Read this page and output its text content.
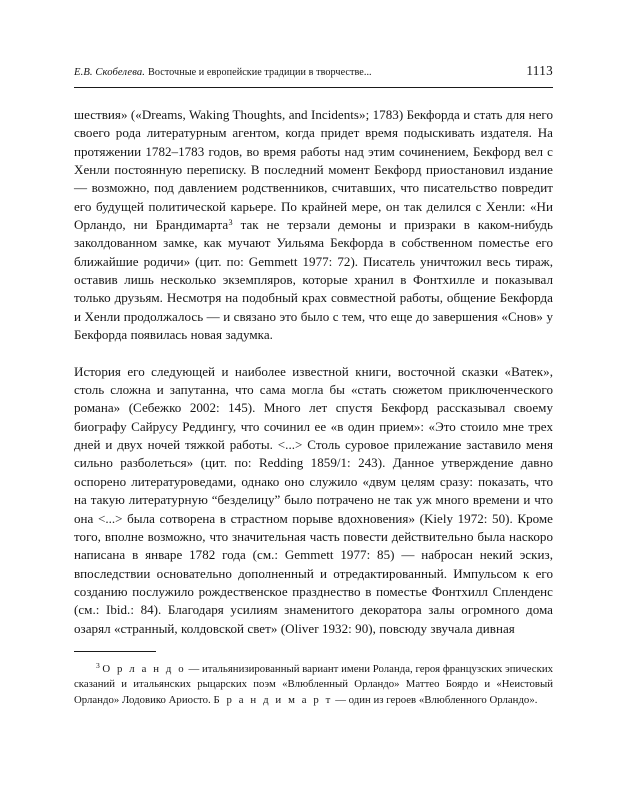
Е.В. Скобелева. Восточные и европейские традиции в творчестве...	1113

шествия» («Dreams, Waking Thoughts, and Incidents»; 1783) Бекфорда и стать для него своего рода литературным агентом, когда придет время подыскивать издателя. На протяжении 1782–1783 годов, во время работы над этим сочинением, Бекфорд вел с Хенли постоянную переписку. В последний момент Бекфорд приостановил издание — возможно, под давлением родственников, считавших, что писательство повредит его будущей политической карьере. По крайней мере, он так делился с Хенли: «Ни Орландо, ни Брандимарта$^3$ так не терзали демоны и призраки в каком-нибудь заколдованном замке, как мучают Уильяма Бекфорда в собственном поместье его ближайшие родичи» (цит. по: Gemmett 1977: 72). Писатель уничтожил весь тираж, оставив лишь несколько экземпляров, которые хранил в Фонтхилле и показывал только друзьям. Несмотря на подобный крах совместной работы, общение Бекфорда и Хенли продолжалось — и связано это было с тем, что еще до завершения «Снов» у Бекфорда появилась новая задумка.

История его следующей и наиболее известной книги, восточной сказки «Ватек», столь сложна и запутанна, что сама могла бы «стать сюжетом приключенческого романа» (Себежко 2002: 145). Много лет спустя Бекфорд рассказывал своему биографу Сайрусу Реддингу, что сочинил ее «в один прием»: «Это стоило мне трех дней и двух ночей тяжкой работы. <...> Столь суровое прилежание заставило меня сильно разболеться» (цит. по: Redding 1859/1: 243). Данное утверждение давно оспорено литературоведами, однако оно служило «двум целям сразу: показать, что на такую литературную “безделицу” было потрачено не так уж много времени и что она <...> была сотворена в страстном порыве вдохновения» (Kiely 1972: 50). Кроме того, вполне возможно, что значительная часть повести действительно была наскоро написана в январе 1782 года (см.: Gemmett 1977: 85) — набросан некий эскиз, впоследствии основательно дополненный и отредактированный. Импульсом к его созданию послужило рождественское празднество в поместье Фонтхилл Спленденс (см.: Ibid.: 84). Благодаря усилиям знаменитого декоратора залы огромного дома озарял «странный, колдовской свет» (Oliver 1932: 90), повсюду звучала дивная

$^3$ О р л а н д о — итальянизированный вариант имени Роланда, героя французских эпических сказаний и итальянских рыцарских поэм «Влюбленный Орландо» Маттео Боярдо и «Неистовый Орландо» Лодовико Ариосто. Б р а н д и м а р т — один из героев «Влюбленного Орландо».
